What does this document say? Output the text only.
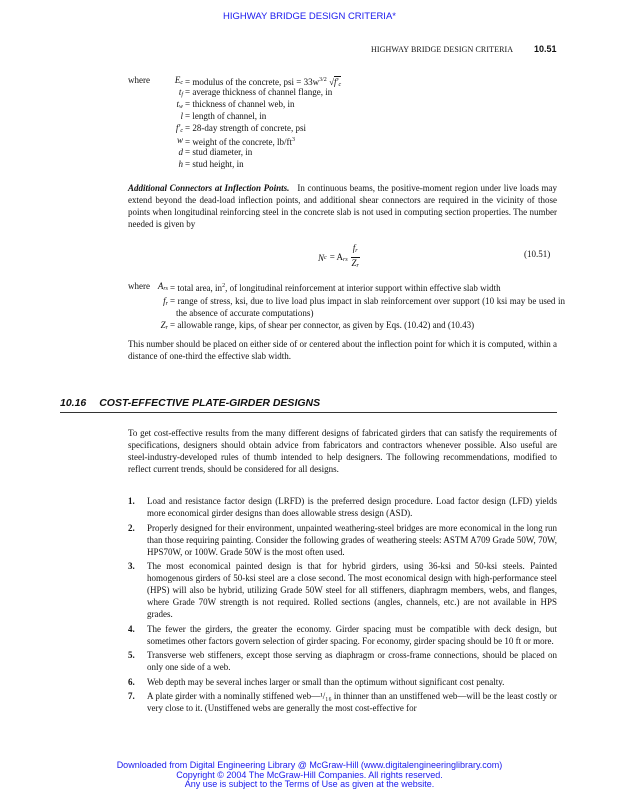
HIGHWAY BRIDGE DESIGN CRITERIA*
HIGHWAY BRIDGE DESIGN CRITERIA 10.51
where	$E_c$ = modulus of the concrete, psi = $33w^{3/2}$ $√f'_c$
$t_f$ = average thickness of channel flange, in
$t_w$ = thickness of channel web, in
l = length of channel, in
$f'_c = 28-day$ strength of concrete, psi
w = weight of the concrete, $lb/ft^3$
d = stud diameter, in
h = stud height, in
Additional Connectors at Inflection Points. In continuous beams, the positive-moment region under live loads may extend beyond the dead-load inflection points, and additional shear connectors are required in the vicinity of those points when longitudinal reinforcing steel in the concrete slab is not used in computing section properties. The number needed is given by
N $c = A_{rs} \frac{f_r}{Z_r}$	(10.51)
where $A_{rs}$ = total area, $in^2$, of longitudinal reinforcement at interior support within effective slab width
$f_r$ = range of stress, ksi, due to live load plus impact in slab reinforcement over support (10 ksi may be used in the absence of accurate computations)
$Z_r$ = allowable range, kips, of shear per connector, as given by Eqs. (10.42) and (10.43)
This number should be placed on either side of or centered about the inflection point for which it is computed, within a distance of one-third the effective slab width.
10.16 COST-EFFECTIVE PLATE-GIRDER DESIGNS
To get cost-effective results from the many different designs of fabricated girders that can satisfy the requirements of specifications, designers should obtain advice from fabricators and contractors whenever possible. Also useful are steel-industry-developed rules of thumb intended to help designers. The following recommendations, modified to reflect current trends, should be considered for all designs.
1.	Load and resistance factor design (LRFD) is the preferred design procedure. Load factor design (LFD) yields more economical girder designs than does allowable stress design (ASD).
2.	Properly designed for their environment, unpainted weathering-steel bridges are more economical in the long run than those requiring painting. Consider the following grades of weathering steels: ASTM A709 Grade 50W, 70W, HPS70W, or 100W. Grade 50W is the most often used.
3.	The most economical painted design is that for hybrid girders, using 36-ksi and 50-ksi steels. Painted homogenous girders of 50-ksi steel are a close second. The most economical design with high-performance steel (HPS) will also be hybrid, utilizing Grade 50W steel for all stiffeners, diaphragm members, webs, and flanges, where Grade 70W strength is not required. Rolled sections (angles, channels, etc.) are not available in HPS grades.
4.	The fewer the girders, the greater the economy. Girder spacing must be compatible with deck design, but sometimes other factors govern selection of girder spacing. For economy, girder spacing should be 10 ft or more.
5.	Transverse web stiffeners, except those serving as diaphragm or cross-frame connections, should be placed on only one side of a web.
6.	Web depth may be several inches larger or small than the optimum without significant cost penalty.
7.	A plate girder with a nominally stiffened web—¹/₁₆ in thinner than an unstiffened web—will be the least costly or very close to it. (Unstiffened webs are generally the most cost-effective for
Downloaded from Digital Engineering Library @ McGraw-Hill (www.digitalengineeringlibrary.com)
Copyright © 2004 The McGraw-Hill Companies. All rights reserved.
Any use is subject to the Terms of Use as given at the website.
